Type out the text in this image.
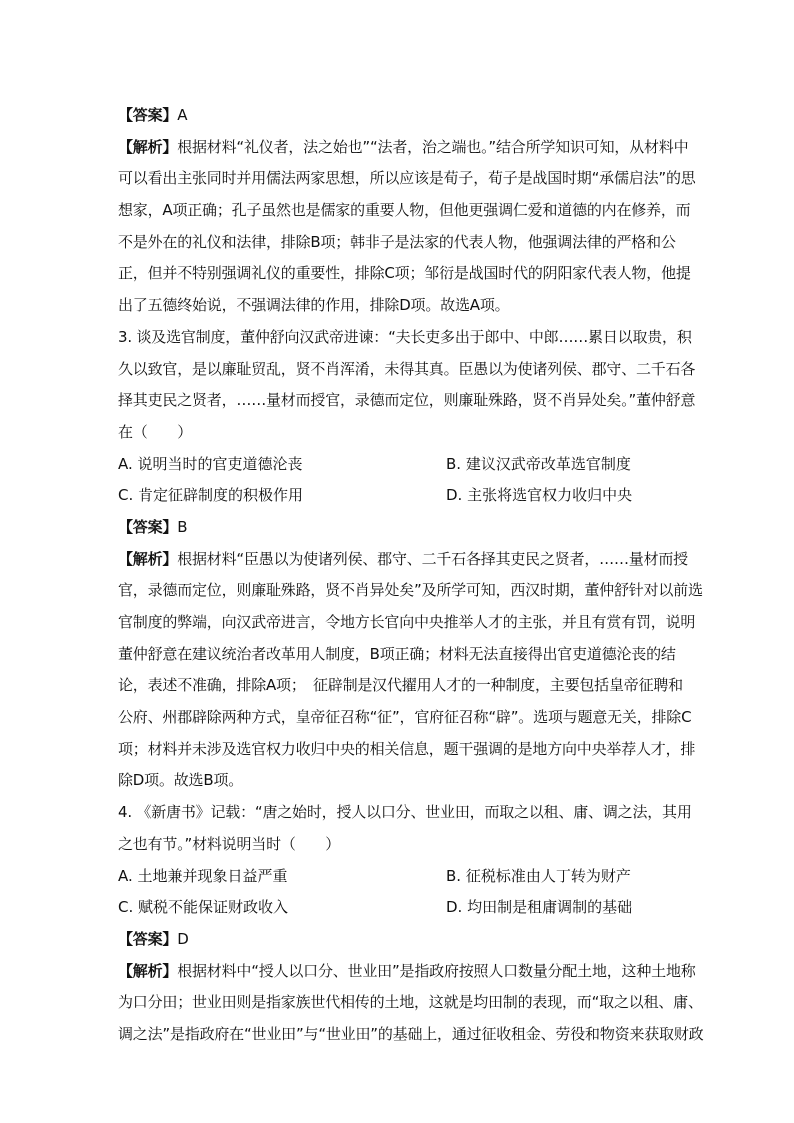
【答案】A
【解析】根据材料“礼仪者，法之始也”“法者，治之端也。”结合所学知识可知，从材料中
可以看出主张同时并用儒法两家思想，所以应该是荀子，荀子是战国时期“承儒启法”的思
想家，A项正确；孔子虽然也是儒家的重要人物，但他更强调仁爱和道德的内在修养，而
不是外在的礼仪和法律，排除B项；韩非子是法家的代表人物，他强调法律的严格和公
正，但并不特别强调礼仪的重要性，排除C项；邹衍是战国时代的阴阳家代表人物，他提
出了五德终始说，不强调法律的作用，排除D项。故选A项。
3. 谈及选官制度，董仲舒向汉武帝进谏：“夫长吏多出于郎中、中郎……累日以取贵，积
久以致官，是以廉耻贸乱，贤不肖浑淆，未得其真。臣愚以为使诸列侯、郡守、二千石各
择其吏民之贤者，……量材而授官，录德而定位，则廉耻殊路，贤不肖异处矣。”董仲舒意
在（　　）
A. 说明当时的官吏道德沦丧	B. 建议汉武帝改革选官制度
C. 肯定征辟制度的积极作用	D. 主张将选官权力收归中央
【答案】B
【解析】根据材料“臣愚以为使诸列侯、郡守、二千石各择其吏民之贤者，……量材而授
官，录德而定位，则廉耻殊路，贤不肖异处矣”及所学可知，西汉时期，董仲舒针对以前选
官制度的弊端，向汉武帝进言，令地方长官向中央推举人才的主张，并且有赏有罚，说明
董仲舒意在建议统治者改革用人制度，B项正确；材料无法直接得出官吏道德沦丧的结
论，表述不准确，排除A项；　征辟制是汉代擢用人才的一种制度，主要包括皇帝征聘和
公府、州郡辟除两种方式，皇帝征召称“征”，官府征召称“辟”。选项与题意无关，排除C
项；材料并未涉及选官权力收归中央的相关信息，题干强调的是地方向中央举荐人才，排
除D项。故选B项。
4. 《新唐书》记载：“唐之始时，授人以口分、世业田，而取之以租、庸、调之法，其用
之也有节。”材料说明当时（　　）
A. 土地兼并现象日益严重	B. 征税标准由人丁转为财产
C. 赋税不能保证财政收入	D. 均田制是租庸调制的基础
【答案】D
【解析】根据材料中“授人以口分、世业田”是指政府按照人口数量分配土地，这种土地称
为口分田；世业田则是指家族世代相传的土地，这就是均田制的表现，而“取之以租、庸、
调之法”是指政府在“世业田”与“世业田”的基础上，通过征收租金、劳役和物资来获取财政
